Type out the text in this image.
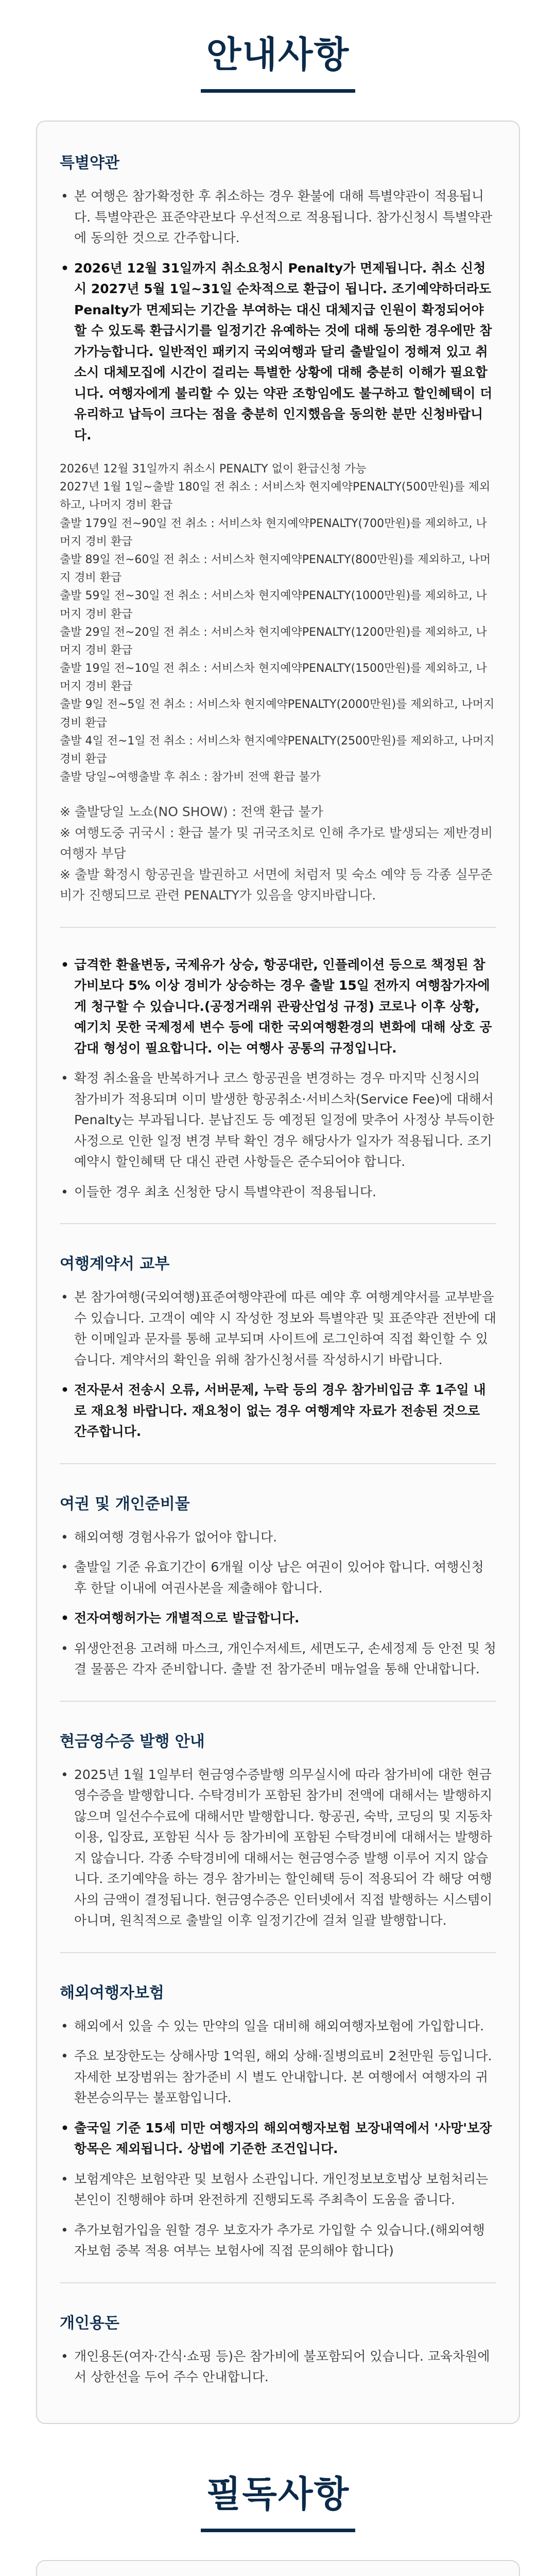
안내사항
특별약관
• 본 여행은 참가확정한 후 취소하는 경우 환불에 대해 특별약관이 적용됩니다. 특별약관은 표준약관보다 우선적으로 적용됩니다. 참가신청시 특별약관에 동의한 것으로 간주합니다.
• 2026년 12월 31일까지 취소요청시 Penalty가 면제됩니다. 취소 신청 시 2027년 5월 1일~31일 순차적으로 환급이 됩니다. 조기예약하더라도 Penalty가 면제되는 기간을 부여하는 대신 대체지급 인원이 확정되어야 할 수 있도록 환급시기를 일정기간 유예하는 것에 대해 동의한 경우에만 참가가능합니다. 일반적인 패키지 국외여행과 달리 출발일이 정해져 있고 취소시 대체모집에 시간이 걸리는 특별한 상황에 대해 충분히 이해가 필요합니다. 여행자에게 불리할 수 있는 약관 조항임에도 불구하고 할인혜택이 더 유리하고 납득이 크다는 점을 충분히 인지했음을 동의한 분만 신청바랍니다.

2026년 12월 31일까지 취소시 PENALTY 없이 환급신청 가능

2027년 1월 1일~출발 180일 전 취소 : 서비스차 현지예약PENALTY(500만원)를 제외하고, 나머지 경비 환급

출발 179일 전~90일 전 취소 : 서비스차 현지예약PENALTY(700만원)를 제외하고, 나머지 경비 환급

출발 89일 전~60일 전 취소 : 서비스차 현지예약PENALTY(800만원)를 제외하고, 나머지 경비 환급

출발 59일 전~30일 전 취소 : 서비스차 현지예약PENALTY(1000만원)를 제외하고, 나머지 경비 환급

출발 29일 전~20일 전 취소 : 서비스차 현지예약PENALTY(1200만원)를 제외하고, 나머지 경비 환급

출발 19일 전~10일 전 취소 : 서비스차 현지예약PENALTY(1500만원)를 제외하고, 나머지 경비 환급

출발 9일 전~5일 전 취소 : 서비스차 현지예약PENALTY(2000만원)를 제외하고, 나머지 경비 환급

출발 4일 전~1일 전 취소 : 서비스차 현지예약PENALTY(2500만원)를 제외하고, 나머지 경비 환급

출발 당일~여행출발 후 취소 : 참가비 전액 환급 불가

※ 출발당일 노쇼(NO SHOW) : 전액 환급 불가

※ 여행도중 귀국시 : 환급 불가 및 귀국조치로 인해 추가로 발생되는 제반경비 여행자 부담

※ 출발 확정시 항공권을 발권하고 서면에 처럼저 및 숙소 예약 등 각종 실무준비가 진행되므로 관련 PENALTY가 있음을 양지바랍니다.

• 급격한 환율변동, 국제유가 상승, 항공대란, 인플레이션 등으로 책정된 참가비보다 5% 이상 경비가 상승하는 경우 출발 15일 전까지 여행참가자에게 청구할 수 있습니다.(공정거래위 관광산업성 규정) 코로나 이후 상황, 예기치 못한 국제정세 변수 등에 대한 국외여행환경의 변화에 대해 상호 공감대 형성이 필요합니다. 이는 여행사 공통의 규정입니다.
• 확정 취소율을 반복하거나 코스 항공권을 변경하는 경우 마지막 신청시의 참가비가 적용되며 이미 발생한 항공취소·서비스차(Service Fee)에 대해서 Penalty는 부과됩니다. 분납진도 등 예정된 일정에 맞추어 사정상 부득이한 사정으로 인한 일정 변경 부탁 확인 경우 해당사가 일자가 적용됩니다. 조기예약시 할인혜택 단 대신 관련 사항들은 준수되어야 합니다.
• 이들한 경우 최초 신청한 당시 특별약관이 적용됩니다.
여행계약서 교부
• 본 참가여행(국외여행)표준여행약관에 따른 예약 후 여행계약서를 교부받을 수 있습니다. 고객이 예약 시 작성한 정보와 특별약관 및 표준약관 전반에 대한 이메일과 문자를 통해 교부되며 사이트에 로그인하여 직접 확인할 수 있습니다. 계약서의 확인을 위해 참가신청서를 작성하시기 바랍니다.
• 전자문서 전송시 오류, 서버문제, 누락 등의 경우 참가비입금 후 1주일 내로 재요청 바랍니다. 재요청이 없는 경우 여행계약 자료가 전송된 것으로 간주합니다.
여권 및 개인준비물
• 해외여행 경험사유가 없어야 합니다.
• 출발일 기준 유효기간이 6개월 이상 남은 여권이 있어야 합니다. 여행신청 후 한달 이내에 여권사본을 제출해야 합니다.
• 전자여행허가는 개별적으로 발급합니다.
• 위생안전용 고려해 마스크, 개인수저세트, 세면도구, 손세정제 등 안전 및 청결 물품은 각자 준비합니다. 출발 전 참가준비 매뉴얼을 통해 안내합니다.
현금영수증 발행 안내
• 2025년 1월 1일부터 현금영수증발행 의무실시에 따라 참가비에 대한 현금영수증을 발행합니다. 수탁경비가 포함된 참가비 전액에 대해서는 발행하지 않으며 일선수수료에 대해서만 발행합니다. 항공권, 숙박, 코딩의 및 지동차 이용, 입장료, 포함된 식사 등 참가비에 포함된 수탁경비에 대해서는 발행하지 않습니다. 각종 수탁경비에 대해서는 현금영수증 발행 이루어 지지 않습니다. 조기예약을 하는 경우 참가비는 할인혜택 등이 적용되어 각 해당 여행사의 금액이 결정됩니다. 현금영수증은 인터넷에서 직접 발행하는 시스템이 아니며, 원칙적으로 출발일 이후 일정기간에 걸쳐 일괄 발행합니다.
해외여행자보험
• 해외에서 있을 수 있는 만약의 일을 대비해 해외여행자보험에 가입합니다.
• 주요 보장한도는 상해사망 1억원, 해외 상해·질병의료비 2천만원 등입니다. 자세한 보장범위는 참가준비 시 별도 안내합니다. 본 여행에서 여행자의 귀환본승의무는 불포함입니다.
• 출국일 기준 15세 미만 여행자의 해외여행자보험 보장내역에서 '사망'보장항목은 제외됩니다. 상법에 기준한 조건입니다.
• 보험계약은 보험약관 및 보험사 소관입니다. 개인정보보호법상 보험처리는 본인이 진행해야 하며 완전하게 진행되도록 주최측이 도움을 줍니다.
• 추가보험가입을 원할 경우 보호자가 추가로 가입할 수 있습니다.(해외여행자보험 중복 적용 여부는 보험사에 직접 문의해야 합니다)
개인용돈
• 개인용돈(여자·간식·쇼핑 등)은 참가비에 불포함되어 있습니다. 교육차원에서 상한선을 두어 주수 안내합니다.
필독사항
